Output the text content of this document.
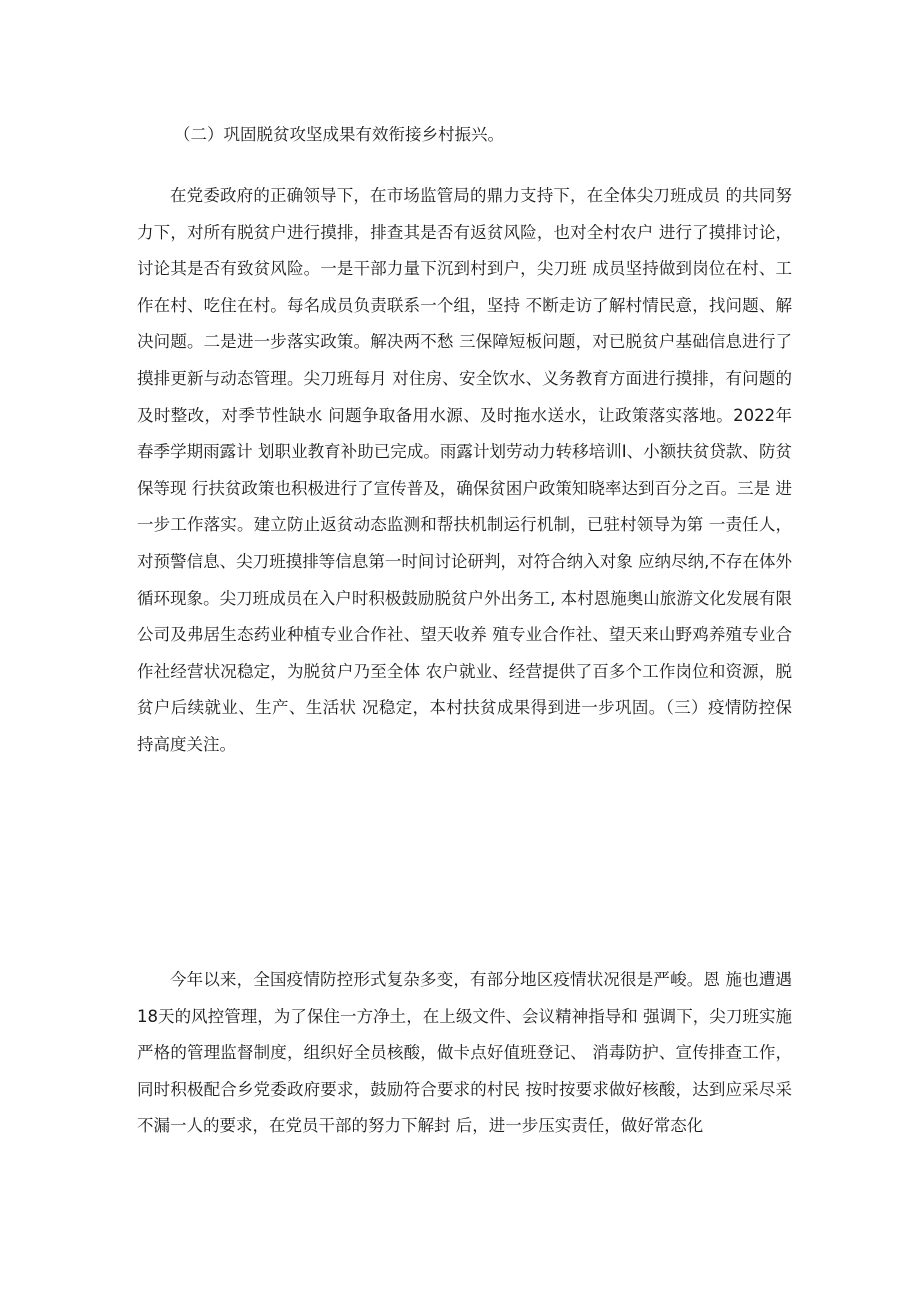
（二）巩固脱贫攻坚成果有效衔接乡村振兴。
在党委政府的正确领导下，在市场监管局的鼎力支持下，在全体尖刀班成员 的共同努力下，对所有脱贫户进行摸排，排查其是否有返贫风险，也对全村农户 进行了摸排讨论，讨论其是否有致贫风险。一是干部力量下沉到村到户，尖刀班 成员坚持做到岗位在村、工作在村、吃住在村。每名成员负责联系一个组，坚持 不断走访了解村情民意，找问题、解决问题。二是进一步落实政策。解决两不愁 三保障短板问题，对已脱贫户基础信息进行了摸排更新与动态管理。尖刀班每月 对住房、安全饮水、义务教育方面进行摸排，有问题的及时整改，对季节性缺水 问题争取备用水源、及时拖水送水，让政策落实落地。2022年春季学期雨露计 划职业教育补助已完成。雨露计划劳动力转移培训Ⅰ、小额扶贫贷款、防贫保等现 行扶贫政策也积极进行了宣传普及，确保贫困户政策知晓率达到百分之百。三是 进一步工作落实。建立防止返贫动态监测和帮扶机制运行机制，已驻村领导为第 一责任人，对预警信息、尖刀班摸排等信息第一时间讨论研判，对符合纳入对象 应纳尽纳,不存在体外循环现象。尖刀班成员在入户时积极鼓励脱贫户外出务工, 本村恩施奥山旅游文化发展有限公司及弗居生态药业种植专业合作社、望天收养 殖专业合作社、望天来山野鸡养殖专业合作社经营状况稳定，为脱贫户乃至全体 农户就业、经营提供了百多个工作岗位和资源，脱贫户后续就业、生产、生活状 况稳定，本村扶贫成果得到进一步巩固。（三）疫情防控保持高度关注。
今年以来，全国疫情防控形式复杂多变，有部分地区疫情状况很是严峻。恩 施也遭遇18天的风控管理，为了保住一方净土，在上级文件、会议精神指导和 强调下，尖刀班实施严格的管理监督制度，组织好全员核酸，做卡点好值班登记、 消毒防护、宣传排查工作，同时积极配合乡党委政府要求，鼓励符合要求的村民 按时按要求做好核酸，达到应采尽采不漏一人的要求，在党员干部的努力下解封 后，进一步压实责任，做好常态化
